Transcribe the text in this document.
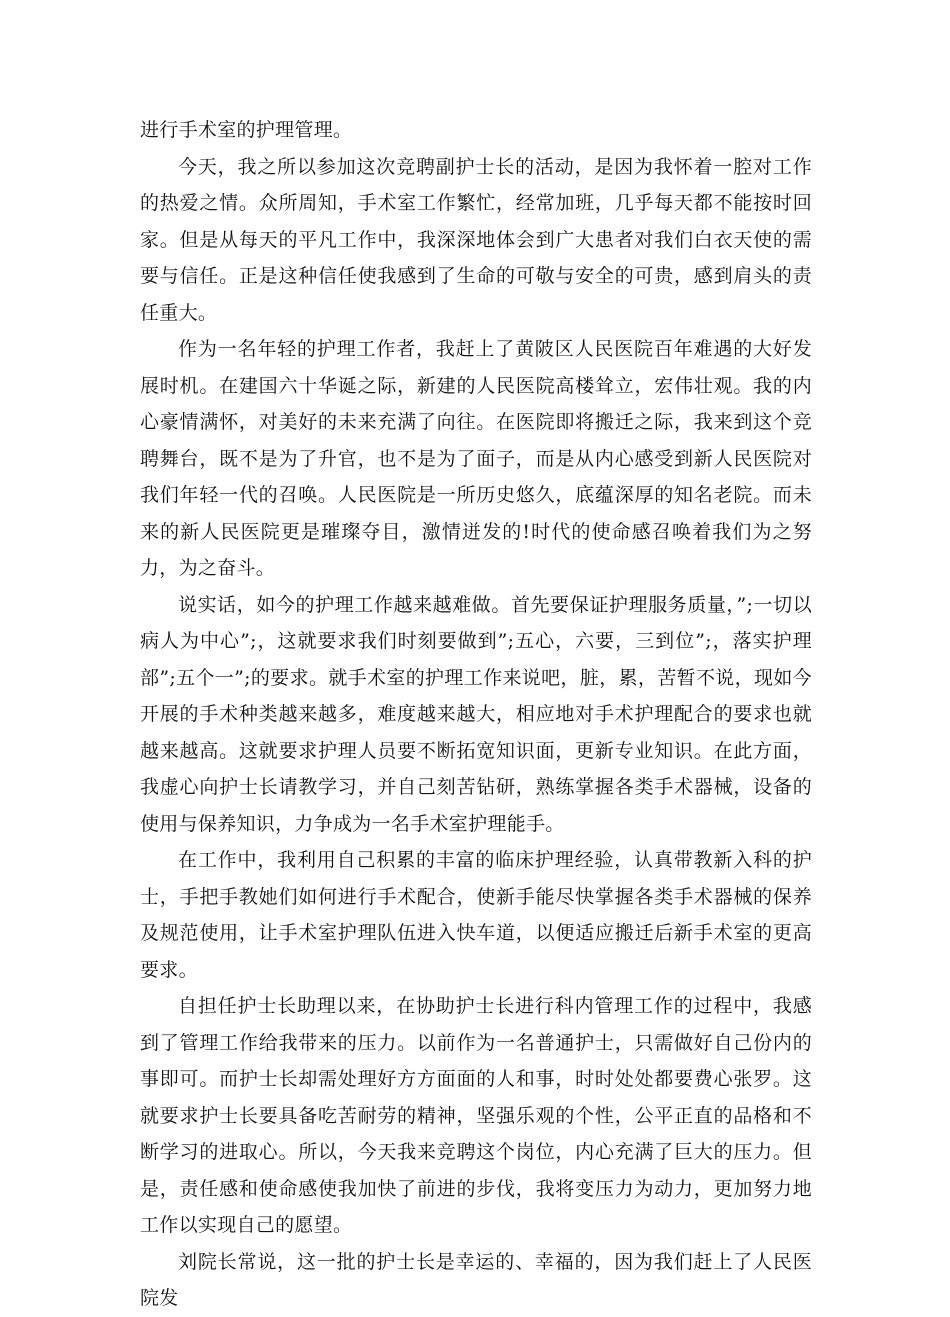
进行手术室的护理管理。

今天，我之所以参加这次竞聘副护士长的活动，是因为我怀着一腔对工作的热爱之情。众所周知，手术室工作繁忙，经常加班，几乎每天都不能按时回家。但是从每天的平凡工作中，我深深地体会到广大患者对我们白衣天使的需要与信任。正是这种信任使我感到了生命的可敬与安全的可贵，感到肩头的责任重大。

作为一名年轻的护理工作者，我赶上了黄陂区人民医院百年难遇的大好发展时机。在建国六十华诞之际，新建的人民医院高楼耸立，宏伟壮观。我的内心豪情满怀，对美好的未来充满了向往。在医院即将搬迁之际，我来到这个竞聘舞台，既不是为了升官，也不是为了面子，而是从内心感受到新人民医院对我们年轻一代的召唤。人民医院是一所历史悠久，底蕴深厚的知名老院。而未来的新人民医院更是璀璨夺目，激情迸发的!时代的使命感召唤着我们为之努力，为之奋斗。

说实话，如今的护理工作越来越难做。首先要保证护理服务质量，”;一切以病人为中心”;，这就要求我们时刻要做到”;五心，六要，三到位”;，落实护理部”;五个一”;的要求。就手术室的护理工作来说吧，脏，累，苦暂不说，现如今开展的手术种类越来越多，难度越来越大，相应地对手术护理配合的要求也就越来越高。这就要求护理人员要不断拓宽知识面，更新专业知识。在此方面，我虚心向护士长请教学习，并自己刻苦钻研，熟练掌握各类手术器械，设备的使用与保养知识，力争成为一名手术室护理能手。

在工作中，我利用自己积累的丰富的临床护理经验，认真带教新入科的护士，手把手教她们如何进行手术配合，使新手能尽快掌握各类手术器械的保养及规范使用，让手术室护理队伍进入快车道，以便适应搬迁后新手术室的更高要求。

自担任护士长助理以来，在协助护士长进行科内管理工作的过程中，我感到了管理工作给我带来的压力。以前作为一名普通护士，只需做好自己份内的事即可。而护士长却需处理好方方面面的人和事，时时处处都要费心张罗。这就要求护士长要具备吃苦耐劳的精神，坚强乐观的个性，公平正直的品格和不断学习的进取心。所以，今天我来竞聘这个岗位，内心充满了巨大的压力。但是，责任感和使命感使我加快了前进的步伐，我将变压力为动力，更加努力地工作以实现自己的愿望。

刘院长常说，这一批的护士长是幸运的、幸福的，因为我们赶上了人民医院发
